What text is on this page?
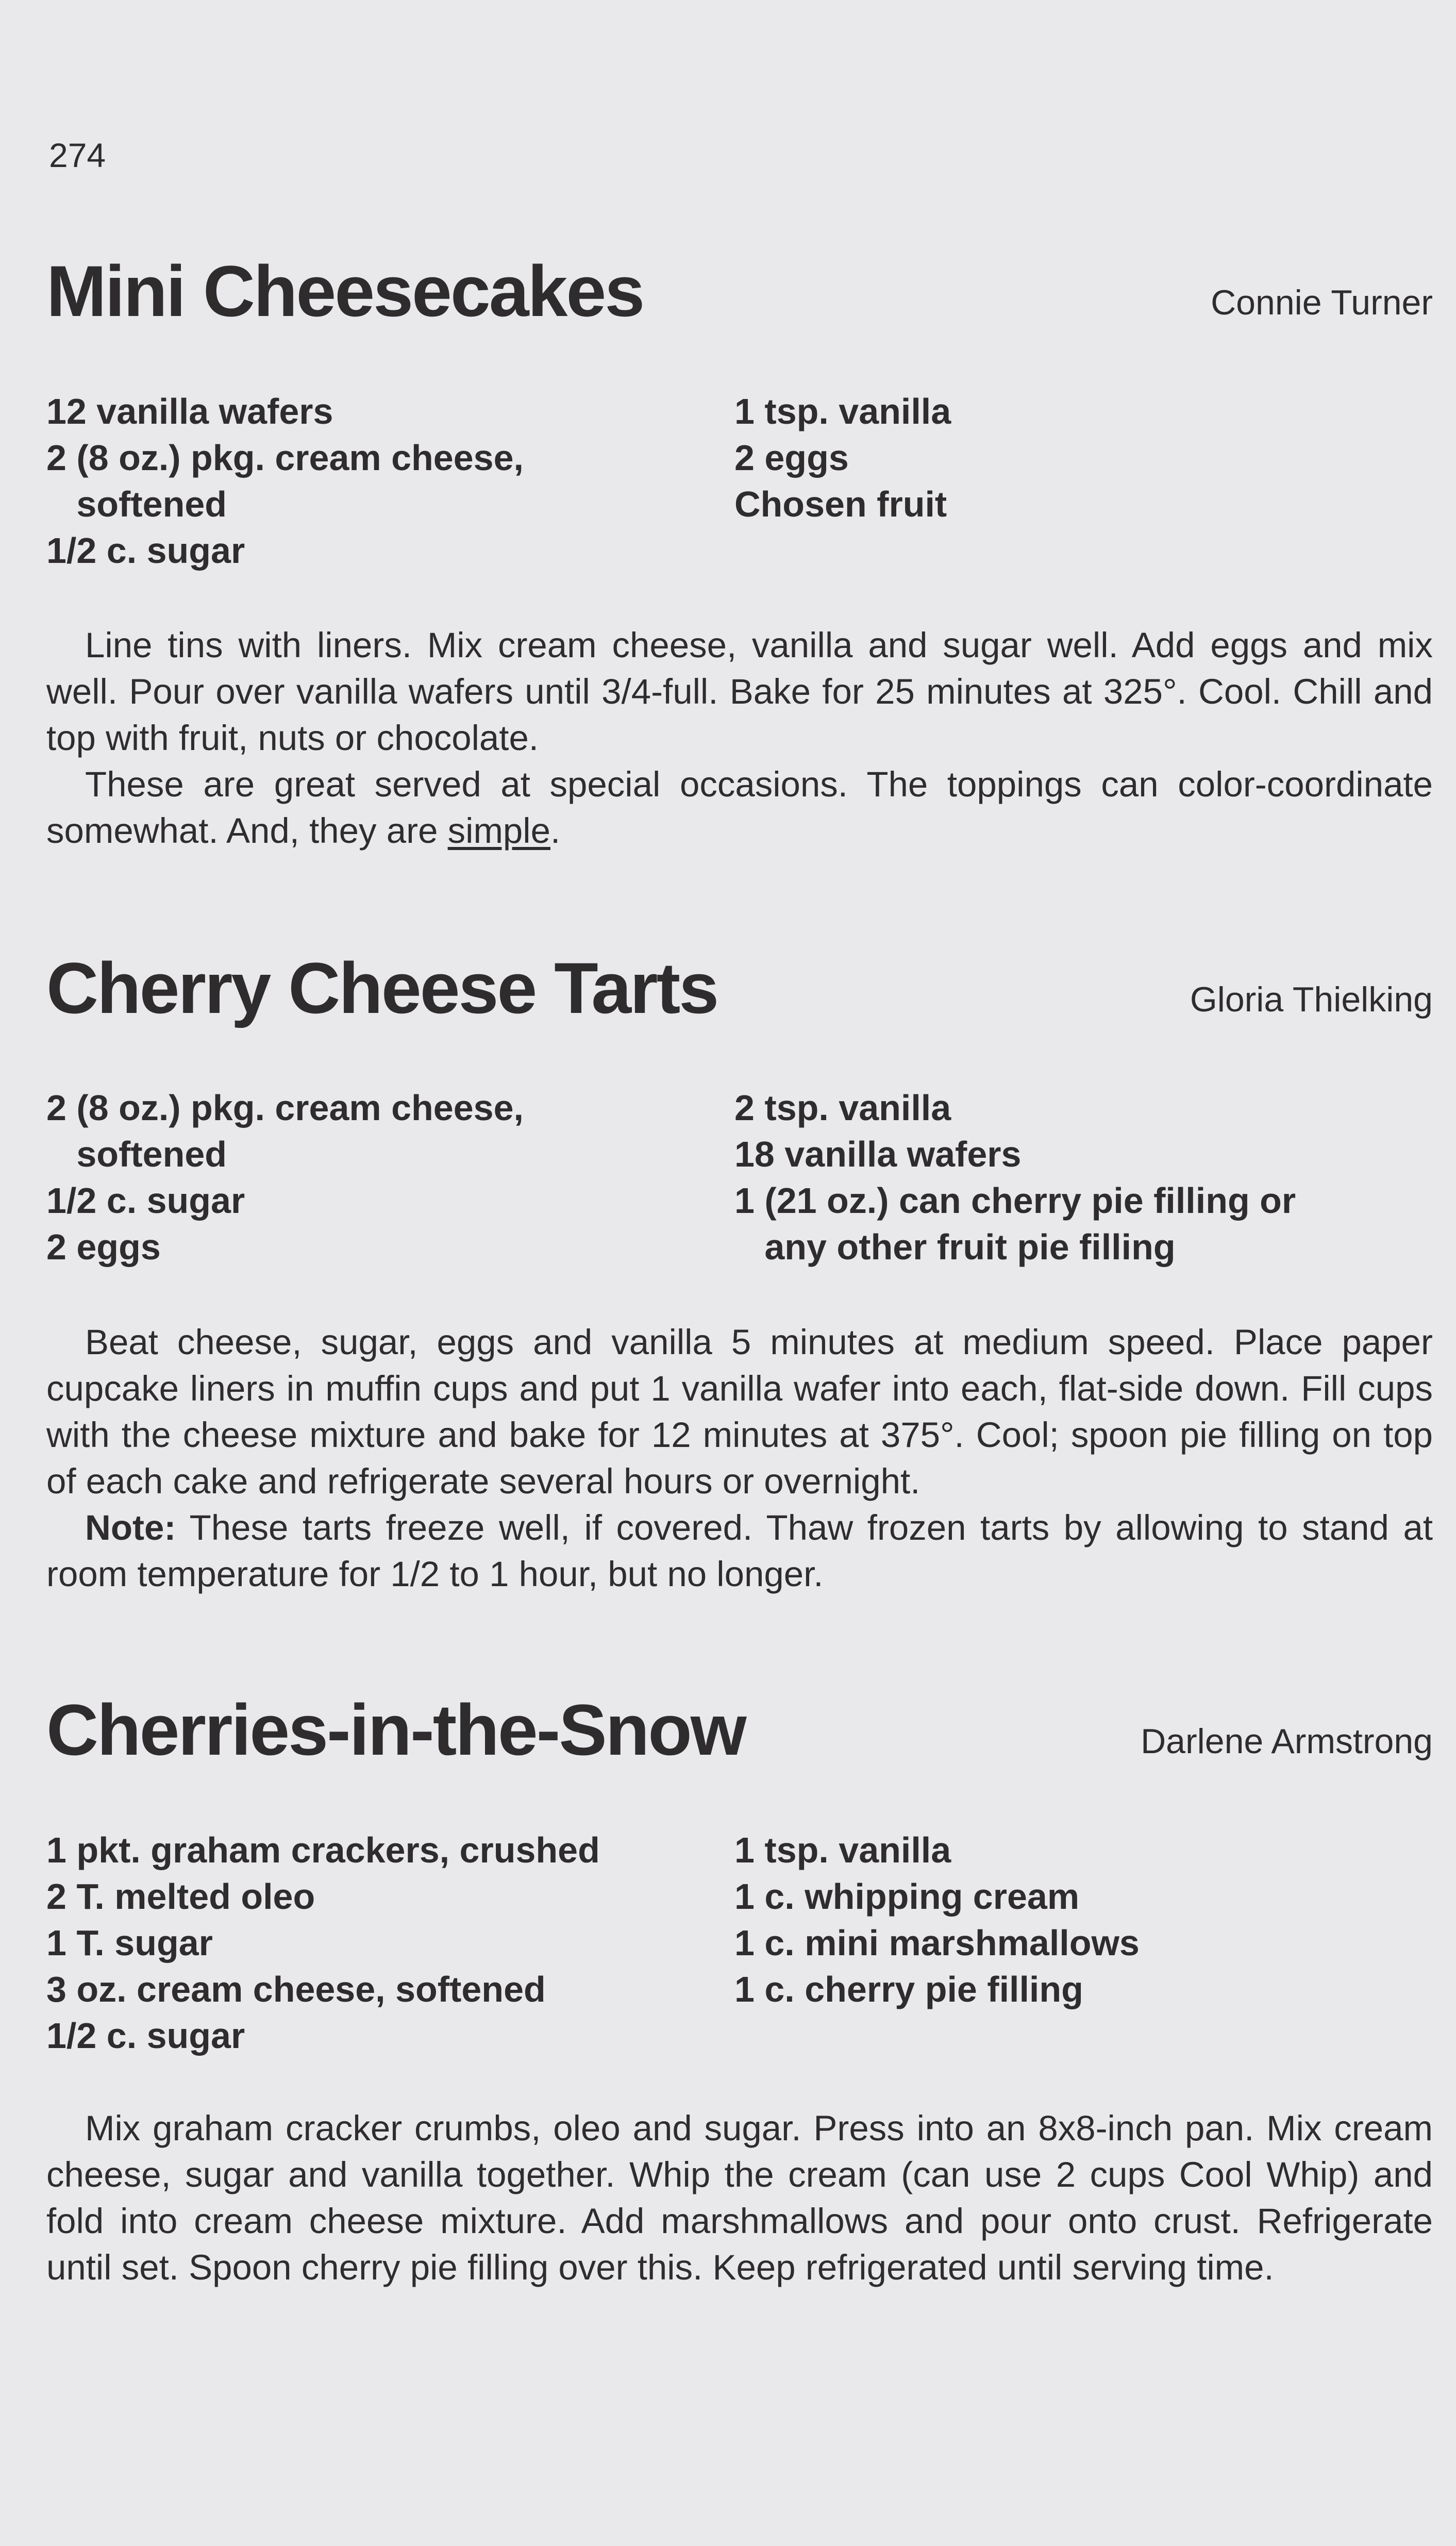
274
Mini Cheesecakes	Connie Turner
12 vanilla wafers
2 (8 oz.) pkg. cream cheese,
softened
1/2 c. sugar
1 tsp. vanilla
2 eggs
Chosen fruit

Line tins with liners. Mix cream cheese, vanilla and sugar well. Add eggs and mix well. Pour over vanilla wafers until 3/4-full. Bake for 25 minutes at 325°. Cool. Chill and top with fruit, nuts or chocolate.

These are great served at special occasions. The toppings can color-coordinate somewhat. And, they are simple.

Cherry Cheese Tarts	Gloria Thielking
2 (8 oz.) pkg. cream cheese,
softened
1/2 c. sugar
2 eggs
2 tsp. vanilla
18 vanilla wafers
1 (21 oz.) can cherry pie filling or
any other fruit pie filling

Beat cheese, sugar, eggs and vanilla 5 minutes at medium speed. Place paper cupcake liners in muffin cups and put 1 vanilla wafer into each, flat-side down. Fill cups with the cheese mixture and bake for 12 minutes at 375°. Cool; spoon pie filling on top of each cake and refrigerate several hours or overnight.

Note: These tarts freeze well, if covered. Thaw frozen tarts by allowing to stand at room temperature for 1/2 to 1 hour, but no longer.

Cherries-in-the-Snow	Darlene Armstrong
1 pkt. graham crackers, crushed
2 T. melted oleo
1 T. sugar
3 oz. cream cheese, softened
1/2 c. sugar
1 tsp. vanilla
1 c. whipping cream
1 c. mini marshmallows
1 c. cherry pie filling

Mix graham cracker crumbs, oleo and sugar. Press into an 8x8-inch pan. Mix cream cheese, sugar and vanilla together. Whip the cream (can use 2 cups Cool Whip) and fold into cream cheese mixture. Add marshmallows and pour onto crust. Refrigerate until set. Spoon cherry pie filling over this. Keep refrigerated until serving time.
